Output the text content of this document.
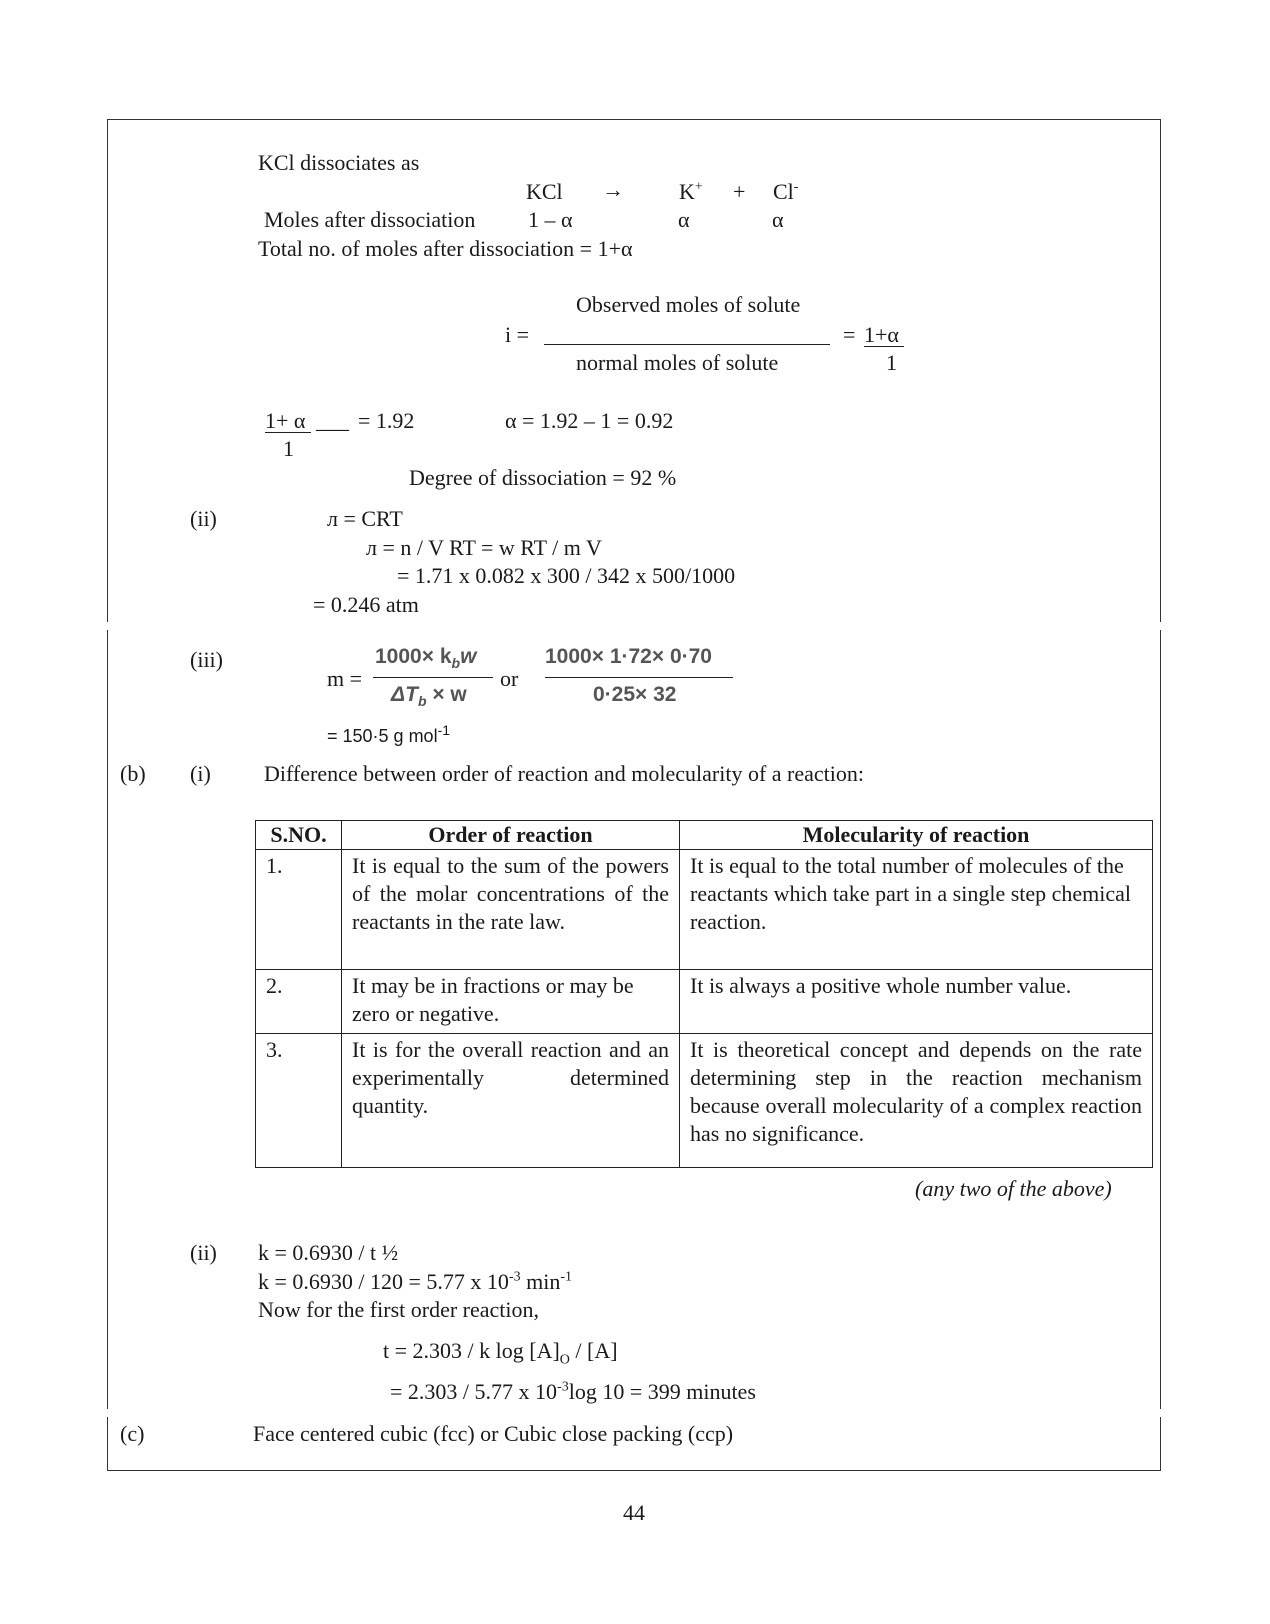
KCl dissociates as
KCl →	K+ + Cl-
Moles after dissociation 1 – α	α	α
Total no. of moles after dissociation = 1+α
Observed moles of solute
i =
normal moles of solute
= 1+α
1
1+ α
1
___ = 1.92	α = 1.92 – 1 = 0.92
Degree of dissociation = 92 %
(ii)	л = CRT
л = n / V RT = w RT / m V
= 1.71 x 0.082 x 300 / 342 x 500/1000
= 0.246 atm
(iii)
m =
$1000\times k_bw$
$\Delta T_b \times w$
or
1000× 1·72× 0·70
0·25× 32
= 150·5 g mol$^{-1}$
(b) (i) Difference between order of reaction and molecularity of a reaction:
S.NO.	Order of reaction	Molecularity of reaction
1.	It is equal to the sum of the powers of the molar concentrations of the reactants in the rate law.	It is equal to the total number of molecules of the reactants which take part in a single step chemical reaction.
2.	It may be in fractions or may be zero or negative.	It is always a positive whole number value.
3.	It is for the overall reaction and an experimentally determined quantity.	It is theoretical concept and depends on the rate determining step in the reaction mechanism because overall molecularity of a complex reaction has no significance.
(any two of the above)
(ii) k = 0.6930 / t ½
k = 0.6930 / 120 = 5.77 x $10^{-3}$ $\min^{-1}$
Now for the first order reaction,
t = 2.303 / k $\log [A]_O / [A]$
= 2.303 / 5.77 x $10^{-3}\log$ 10 = 399 minutes
(c)	Face centered cubic (fcc) or Cubic close packing (ccp)
44
